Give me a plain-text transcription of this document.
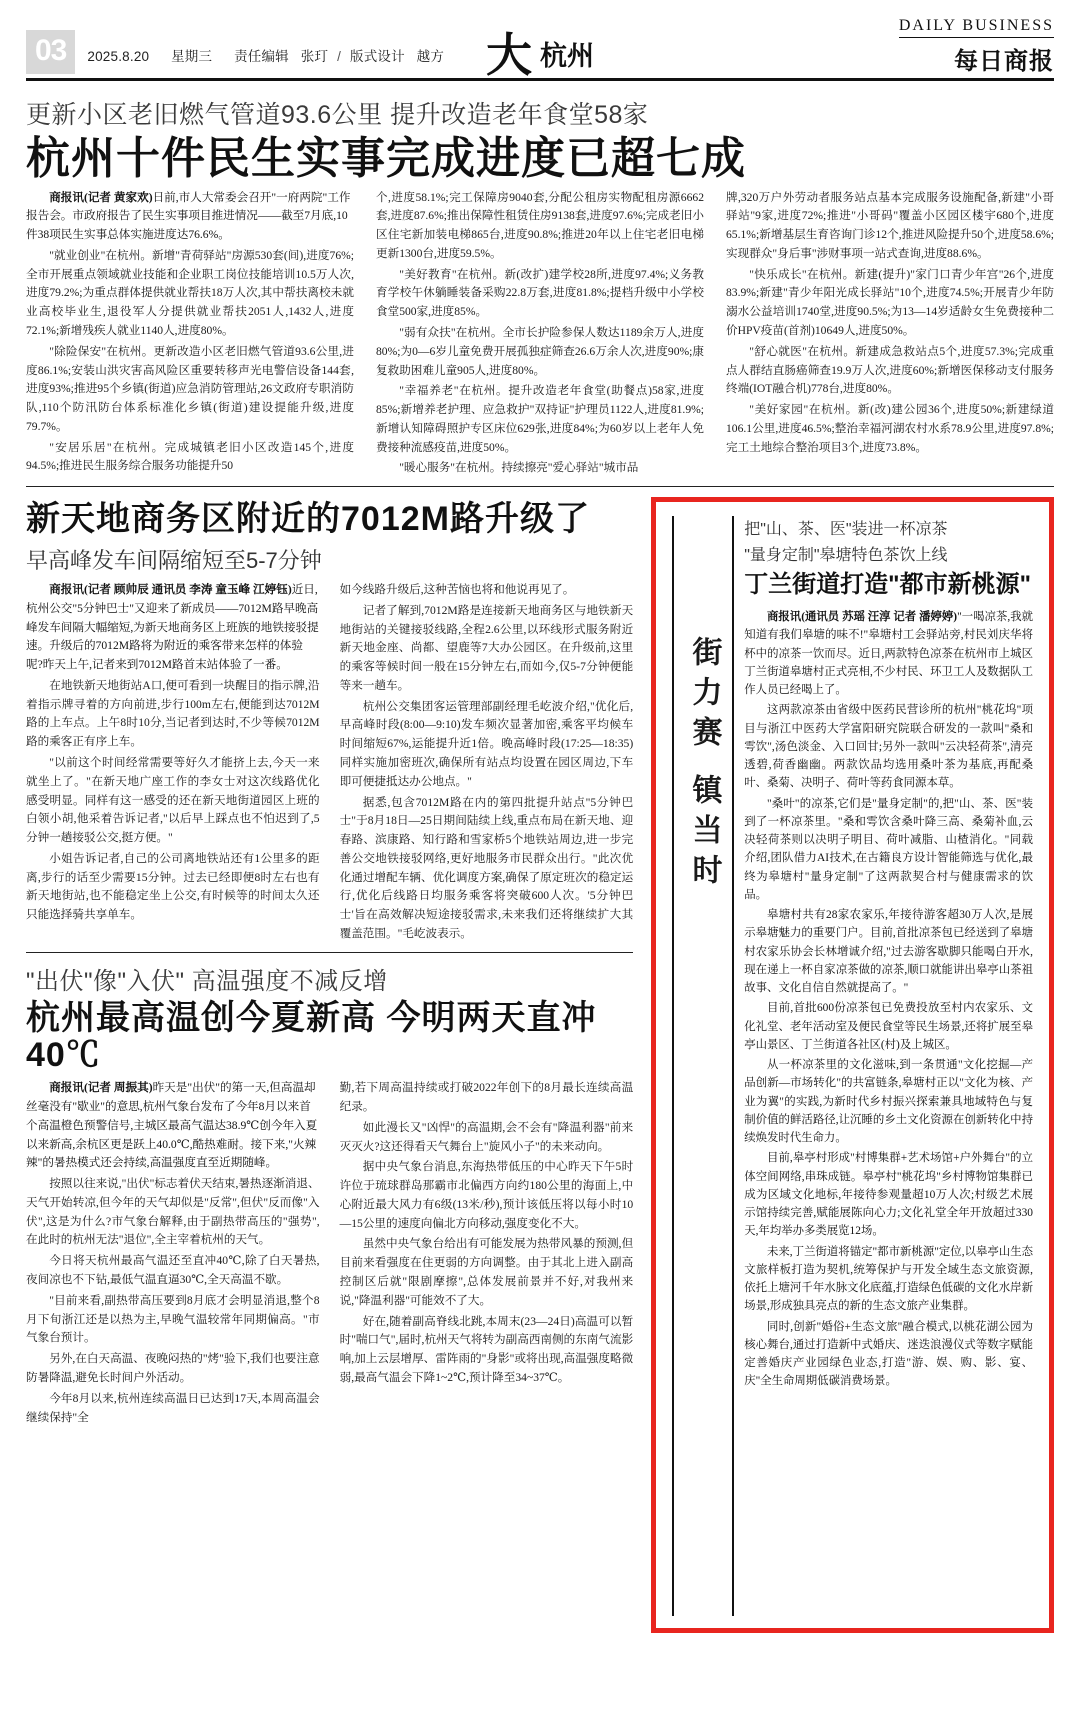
03	2025.8.20 星期三 责任编辑 张玎 / 版式设计 越方 大 杭州
DAILY BUSINESS
每日商报
更新小区老旧燃气管道93.6公里 提升改造老年食堂58家
杭州十件民生实事完成进度已超七成

商报讯(记者 黄家欢)日前,市人大常委会召开"一府两院"工作报告会。市政府报告了民生实事项目推进情况——截至7月底,10件38项民生实事总体实施进度达76.6%。

"就业创业"在杭州。新增"青荷驿站"房源530套(间),进度76%;全市开展重点领域就业技能和企业职工岗位技能培训10.5万人次,进度79.2%;为重点群体提供就业帮扶18万人次,其中帮扶离校未就业高校毕业生,退役军人分提供就业帮扶2051人,1432人,进度72.1%;新增残疾人就业1140人,进度80%。

"除险保安"在杭州。更新改造小区老旧燃气管道93.6公里,进度86.1%;安装山洪灾害高风险区重要转移声光电警信设备144套,进度93%;推进95个乡镇(街道)应急消防管理站,26文政府专职消防队,110个防汛防台体系标准化乡镇(街道)建设提能升级,进度79.7%。

"安居乐居"在杭州。完成城镇老旧小区改造145个,进度94.5%;推进民生服务综合服务功能提升50

个,进度58.1%;完工保障房9040套,分配公租房实物配租房源6662套,进度87.6%;推出保障性租赁住房9138套,进度97.6%;完成老旧小区住宅新加装电梯865台,进度90.8%;推进20年以上住宅老旧电梯更新1300台,进度59.5%。

"美好教育"在杭州。新(改扩)建学校28所,进度97.4%;义务教育学校午休躺睡装备采购22.8万套,进度81.8%;提档升级中小学校食堂500家,进度85%。

"弱有众扶"在杭州。全市长护险参保人数达1189余万人,进度80%;为0—6岁儿童免费开展孤独症筛查26.6万余人次,进度90%;康复救助困难儿童905人,进度80%。

"幸福养老"在杭州。提升改造老年食堂(助餐点)58家,进度85%;新增养老护理、应急救护"双持证"护理员1122人,进度81.9%;新增认知障碍照护专区床位629张,进度84%;为60岁以上老年人免费接种流感疫苗,进度50%。

"暖心服务"在杭州。持续擦亮"爱心驿站"城市品

牌,320万户外劳动者服务站点基本完成服务设施配备,新建"小哥驿站"9家,进度72%;推进"小哥码"覆盖小区园区楼宇680个,进度65.1%;新增基层生育咨询门诊12个,推进风险提升50个,进度58.6%;实现群众"身后事"涉财事项一站式查询,进度88.6%。

"快乐成长"在杭州。新建(提升)"家门口青少年宫"26个,进度83.9%;新建"青少年阳光成长驿站"10个,进度74.5%;开展青少年防溺水公益培训1740堂,进度90.5%;为13—14岁适龄女生免费接种二价HPV疫苗(首剂)10649人,进度50%。

"舒心就医"在杭州。新建成急救站点5个,进度57.3%;完成重点人群结直肠癌筛查19.9万人次,进度60%;新增医保移动支付服务终端(IOT融合机)778台,进度80%。

"美好家园"在杭州。新(改)建公园36个,进度50%;新建绿道106.1公里,进度46.5%;整治幸福河湖农村水系78.9公里,进度97.8%;完工土地综合整治项目3个,进度73.8%。

新天地商务区附近的7012M路升级了
早高峰发车间隔缩短至5-7分钟

商报讯(记者 顾帅辰 通讯员 李涛 童玉峰 江婷钰)近日,杭州公交"5分钟巴士"又迎来了新成员——7012M路早晚高峰发车间隔大幅缩短,为新天地商务区上班族的地铁接驳提速。升级后的7012M路将为附近的乘客带来怎样的体验呢?昨天上午,记者来到7012M路首末站体验了一番。

在地铁新天地街站A口,便可看到一块醒目的指示牌,沿着指示牌寻着的方向前进,步行100m左右,便能到达7012M路的上车点。上午8时10分,当记者到达时,不少等候7012M路的乘客正有序上车。

"以前这个时间经常需要等好久才能挤上去,今天一来就坐上了。"在新天地广座工作的李女士对这次线路优化感受明显。同样有这一感受的还在新天地街道园区上班的白领小胡,他采着告诉记者,"以后早上踩点也不怕迟到了,5分钟一趟接驳公交,挺方便。"

小姐告诉记者,自己的公司离地铁站还有1公里多的距离,步行的话至少需要15分钟。过去已经即便8时左右也有新天地街站,也不能稳定坐上公交,有时候等的时间太久还只能选择骑共享单车。

如今线路升级后,这种苦恼也将和他说再见了。

记者了解到,7012M路是连接新天地商务区与地铁新天地街站的关键接驳线路,全程2.6公里,以环线形式服务附近新天地金座、尚都、望鹿等7大办公园区。在升级前,这里的乘客等候时间一般在15分钟左右,而如今,仅5-7分钟便能等来一趟车。

杭州公交集团客运管理部副经理毛屹波介绍,"优化后,早高峰时段(8:00—9:10)发车频次显著加密,乘客平均候车时间缩短67%,运能提升近1倍。晚高峰时段(17:25—18:35)同样实施加密班次,确保所有站点均设置在园区周边,下车即可便捷抵达办公地点。"

据悉,包含7012M路在内的第四批提升站点"5分钟巴士"于8月18日—25日期间陆续上线,重点布局在新天地、迎春路、滨康路、知行路和雪家桥5个地铁站周边,进一步完善公交地铁接驳网络,更好地服务市民群众出行。"此次优化通过增配车辆、优化调度方案,确保了原定班次的稳定运行,优化后线路日均服务乘客将突破600人次。'5分钟巴士'旨在高效解决短途接驳需求,未来我们还将继续扩大其覆盖范围。"毛屹波表示。

"出伏"像"入伏" 高温强度不减反增
杭州最高温创今夏新高 今明两天直冲40℃

商报讯(记者 周振其)昨天是"出伏"的第一天,但高温却丝毫没有"歇业"的意思,杭州气象台发布了今年8月以来首个高温橙色预警信号,主城区最高气温达38.9℃创今年入夏以来新高,余杭区更是跃上40.0℃,酷热难耐。接下来,"火辣辣"的暑热模式还会持续,高温强度直至近期随峰。

按照以往来说,"出伏"标志着伏天结束,暑热逐渐消退、天气开始转凉,但今年的天气却似是"反常",但伏"反而像"入伏",这是为什么?市气象台解释,由于副热带高压的"强势",在此时的杭州无法"退位",全主宰着杭州的天气。

今日将天杭州最高气温还至直冲40℃,除了白天暑热,夜间凉也不下钻,最低气温直逼30℃,全天高温不歇。

"目前来看,副热带高压要到8月底才会明显消退,整个8月下旬浙江还是以热为主,早晚气温较常年同期偏高。"市气象台预计。

另外,在白天高温、夜晚闷热的"烤"验下,我们也要注意防暑降温,避免长时间户外活动。

今年8月以来,杭州连续高温日已达到17天,本周高温会继续保持"全

勤,若下周高温持续或打破2022年创下的8月最长连续高温纪录。

如此漫长又"凶悍"的高温期,会不会有"降温利器"前来灭灭火?这还得看天气舞台上"旋风小子"的未来动向。

据中央气象台消息,东海热带低压的中心昨天下午5时许位于琉球群岛那霸市北偏西方向约180公里的海面上,中心附近最大风力有6级(13米/秒),预计该低压将以每小时10—15公里的速度向偏北方向移动,强度变化不大。

虽然中央气象台给出有可能发展为热带风暴的预测,但目前来看强度在住更弱的方向调整。由于其北上进入副高控制区后就"限剧摩擦",总体发展前景并不好,对我州来说,"降温利器"可能效不了大。

好在,随着副高脊线北跳,本周末(23—24日)高温可以暂时"喘口气",届时,杭州天气将转为副高西南侧的东南气流影响,加上云层增厚、雷阵雨的"身影"或将出现,高温强度略微弱,最高气温会下降1~2℃,预计降至34~37℃。

街力赛 镇当时
把"山、茶、医"装进一杯凉茶
"量身定制"皋塘特色茶饮上线
丁兰街道打造"都市新桃源"

商报讯(通讯员 苏瑶 汪淳 记者 潘婷婷)"一喝凉茶,我就知道有我们皋塘的味不!"皋塘村工会驿站旁,村民刘庆华将杯中的凉茶一饮而尽。近日,两款特色凉茶在杭州市上城区丁兰街道皋塘村正式亮相,不少村民、环卫工人及数据队工作人员已经喝上了。

这两款凉茶由省级中医药民营诊所的杭州"桃花坞"项目与浙江中医药大学富阳研究院联合研发的一款叫"桑和雩饮",汤色淡金、入口回甘;另外一款叫"云决轻荷茶",清亮透碧,荷香幽幽。两款饮品均选用桑叶茶为基底,再配桑叶、桑菊、决明子、荷叶等药食同源本草。

"桑叶"的凉茶,它们是"量身定制"的,把"山、茶、医"装到了一杯凉茶里。"桑和雩饮含桑叶降三高、桑菊补血,云决轻荷茶则以决明子明目、荷叶减脂、山楂消化。"同载介绍,团队借力AI技术,在古籍良方设计智能筛选与优化,最终为皋塘村"量身定制"了这两款契合村与健康需求的饮品。

皋塘村共有28家农家乐,年接待游客超30万人次,是展示皋塘魅力的重要门户。目前,首批凉茶包已经送到了皋塘村农家乐协会长林增诚介绍,"过去游客歇脚只能喝白开水,现在递上一杯自家凉茶做的凉茶,顺口就能讲出皋亭山茶祖故事、文化自信自然就提高了。"

目前,首批600份凉茶包已免费投放至村内农家乐、文化礼堂、老年活动室及便民食堂等民生场景,还将扩展至皋亭山景区、丁兰街道各社区(村)及上城区。

从一杯凉茶里的文化滋味,到一条贯通"文化挖掘—产品创新—市场转化"的共富链条,皋塘村正以"文化为核、产业为翼"的实践,为新时代乡村振兴探索兼具地域特色与复制价值的鲜活路径,让沉睡的乡土文化资源在创新转化中持续焕发时代生命力。

目前,皋亭村形成"村博集群+艺术场馆+户外舞台"的立体空间网络,串珠成链。皋亭村"桃花坞"乡村博物馆集群已成为区域文化地标,年接待参观量超10万人次;村级艺术展示馆持续完善,赋能展陈向心力;文化礼堂全年开放超过330天,年均举办多类展览12场。

未来,丁兰街道将锚定"都市新桃源"定位,以皋亭山生态文旅样板打造为契机,统筹保护与开发全域生态文旅资源,依托上塘河千年水脉文化底蕴,打造绿色低碳的文化水岸新场景,形成独具亮点的新的生态文旅产业集群。

同时,创新"婚俗+生态文旅"融合模式,以桃花湖公园为核心舞台,通过打造新中式婚庆、迷迭浪漫仪式等数字赋能定善婚庆产业园绿色业态,打造"游、娱、购、影、宴、庆"全生命周期低碳消费场景。
